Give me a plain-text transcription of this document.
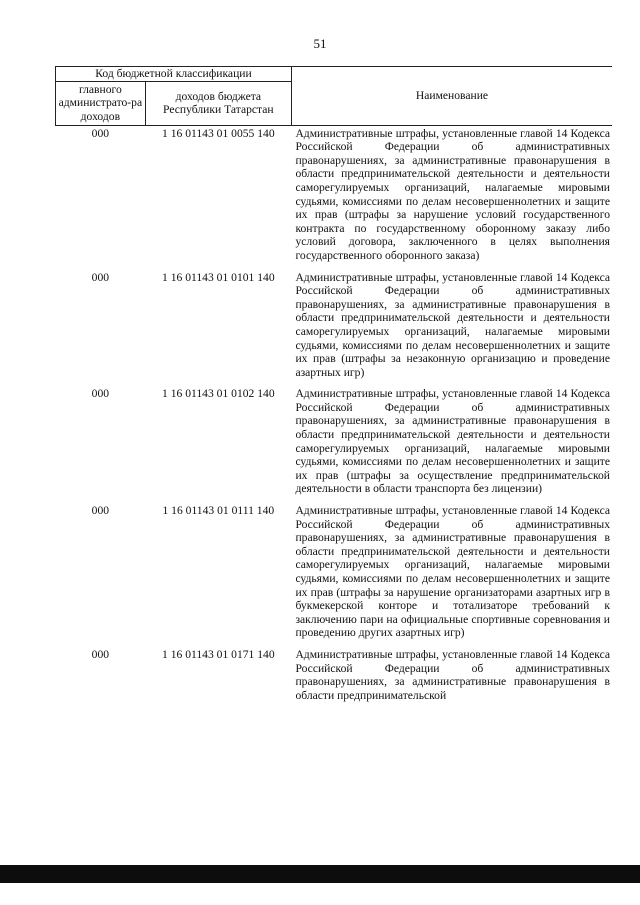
51
Код бюджетной классификации		Наименование
главного администрато-ра доходов	доходов бюджета Республики Татарстан	
000	1 16 01143 01 0055 140	Административные штрафы, установленные главой 14 Кодекса Российской Федерации об административных правонарушениях, за административные правонарушения в области предпринимательской деятельности и деятельности саморегулируемых организаций, налагаемые мировыми судьями, комиссиями по делам несовершеннолетних и защите их прав (штрафы за нарушение условий государственного контракта по государственному оборонному заказу либо условий договора, заключенного в целях выполнения государственного оборонного заказа)
000	1 16 01143 01 0101 140	Административные штрафы, установленные главой 14 Кодекса Российской Федерации об административных правонарушениях, за административные правонарушения в области предпринимательской деятельности и деятельности саморегулируемых организаций, налагаемые мировыми судьями, комиссиями по делам несовершеннолетних и защите их прав (штрафы за незаконную организацию и проведение азартных игр)
000	1 16 01143 01 0102 140	Административные штрафы, установленные главой 14 Кодекса Российской Федерации об административных правонарушениях, за административные правонарушения в области предпринимательской деятельности и деятельности саморегулируемых организаций, налагаемые мировыми судьями, комиссиями по делам несовершеннолетних и защите их прав (штрафы за осуществление предпринимательской деятельности в области транспорта без лицензии)
000	1 16 01143 01 0111 140	Административные штрафы, установленные главой 14 Кодекса Российской Федерации об административных правонарушениях, за административные правонарушения в области предпринимательской деятельности и деятельности саморегулируемых организаций, налагаемые мировыми судьями, комиссиями по делам несовершеннолетних и защите их прав (штрафы за нарушение организаторами азартных игр в букмекерской конторе и тотализаторе требований к заключению пари на официальные спортивные соревнования и проведению других азартных игр)
000	1 16 01143 01 0171 140	Административные штрафы, установленные главой 14 Кодекса Российской Федерации об административных правонарушениях, за административные правонарушения в области предпринимательской
